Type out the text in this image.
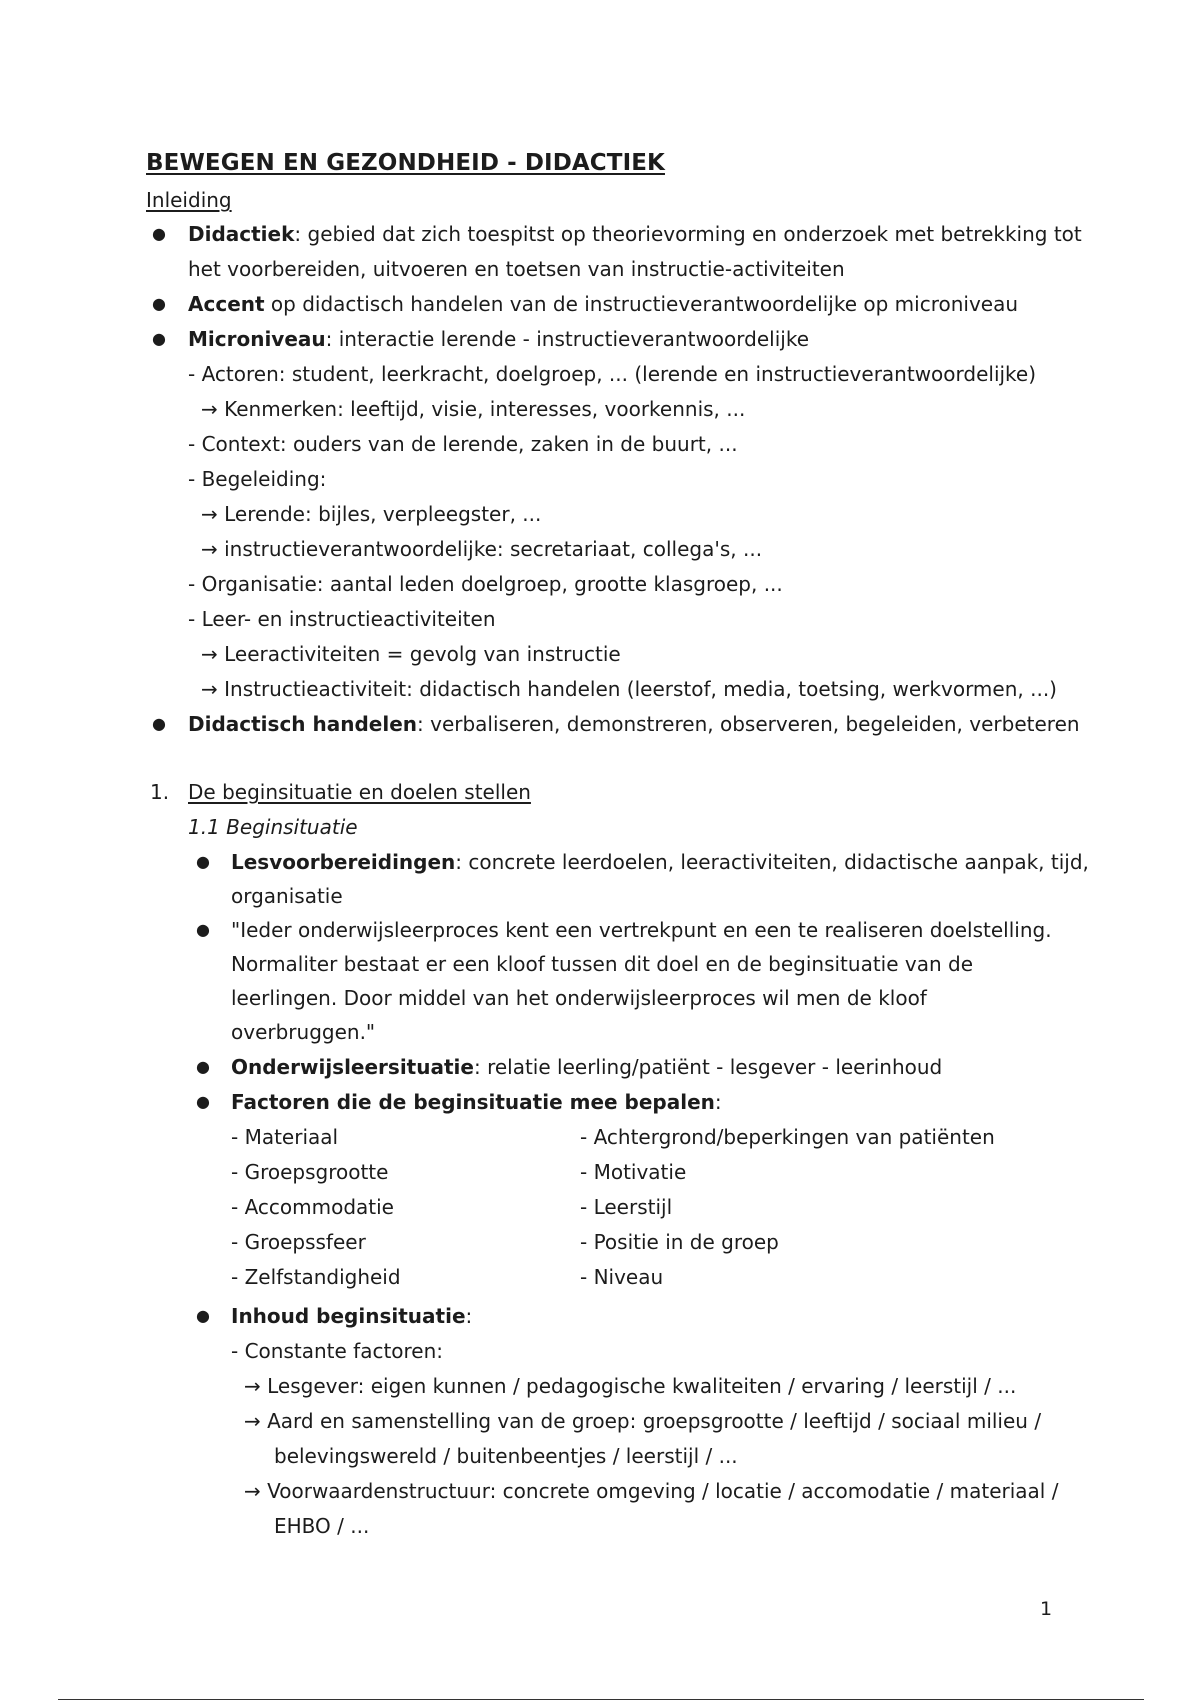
BEWEGEN EN GEZONDHEID - DIDACTIEK
Inleiding
● Didactiek: gebied dat zich toespitst op theorievorming en onderzoek met betrekking tot
het voorbereiden, uitvoeren en toetsen van instructie-activiteiten
● Accent op didactisch handelen van de instructieverantwoordelijke op microniveau
● Microniveau: interactie lerende - instructieverantwoordelijke
- Actoren: student, leerkracht, doelgroep, ... (lerende en instructieverantwoordelijke)
→ Kenmerken: leeftijd, visie, interesses, voorkennis, ...
- Context: ouders van de lerende, zaken in de buurt, ...
- Begeleiding:
→ Lerende: bijles, verpleegster, ...
→ instructieverantwoordelijke: secretariaat, collega's, ...
- Organisatie: aantal leden doelgroep, grootte klasgroep, ...
- Leer- en instructieactiviteiten
→ Leeractiviteiten = gevolg van instructie
→ Instructieactiviteit: didactisch handelen (leerstof, media, toetsing, werkvormen, ...)
● Didactisch handelen: verbaliseren, demonstreren, observeren, begeleiden, verbeteren
1. De beginsituatie en doelen stellen
1.1 Beginsituatie
● Lesvoorbereidingen: concrete leerdoelen, leeractiviteiten, didactische aanpak, tijd,
organisatie
● "Ieder onderwijsleerproces kent een vertrekpunt en een te realiseren doelstelling.
Normaliter bestaat er een kloof tussen dit doel en de beginsituatie van de
leerlingen. Door middel van het onderwijsleerproces wil men de kloof
overbruggen."
● Onderwijsleersituatie: relatie leerling/patiënt - lesgever - leerinhoud
● Factoren die de beginsituatie mee bepalen:
- Materiaal
- Groepsgrootte
- Accommodatie
- Groepssfeer
- Zelfstandigheid
- Achtergrond/beperkingen van patiënten
- Motivatie
- Leerstijl
- Positie in de groep
- Niveau
● Inhoud beginsituatie:
- Constante factoren:
→ Lesgever: eigen kunnen / pedagogische kwaliteiten / ervaring / leerstijl / ...
→ Aard en samenstelling van de groep: groepsgrootte / leeftijd / sociaal milieu /
belevingswereld / buitenbeentjes / leerstijl / ...
→ Voorwaardenstructuur: concrete omgeving / locatie / accomodatie / materiaal /
EHBO / ...
1
